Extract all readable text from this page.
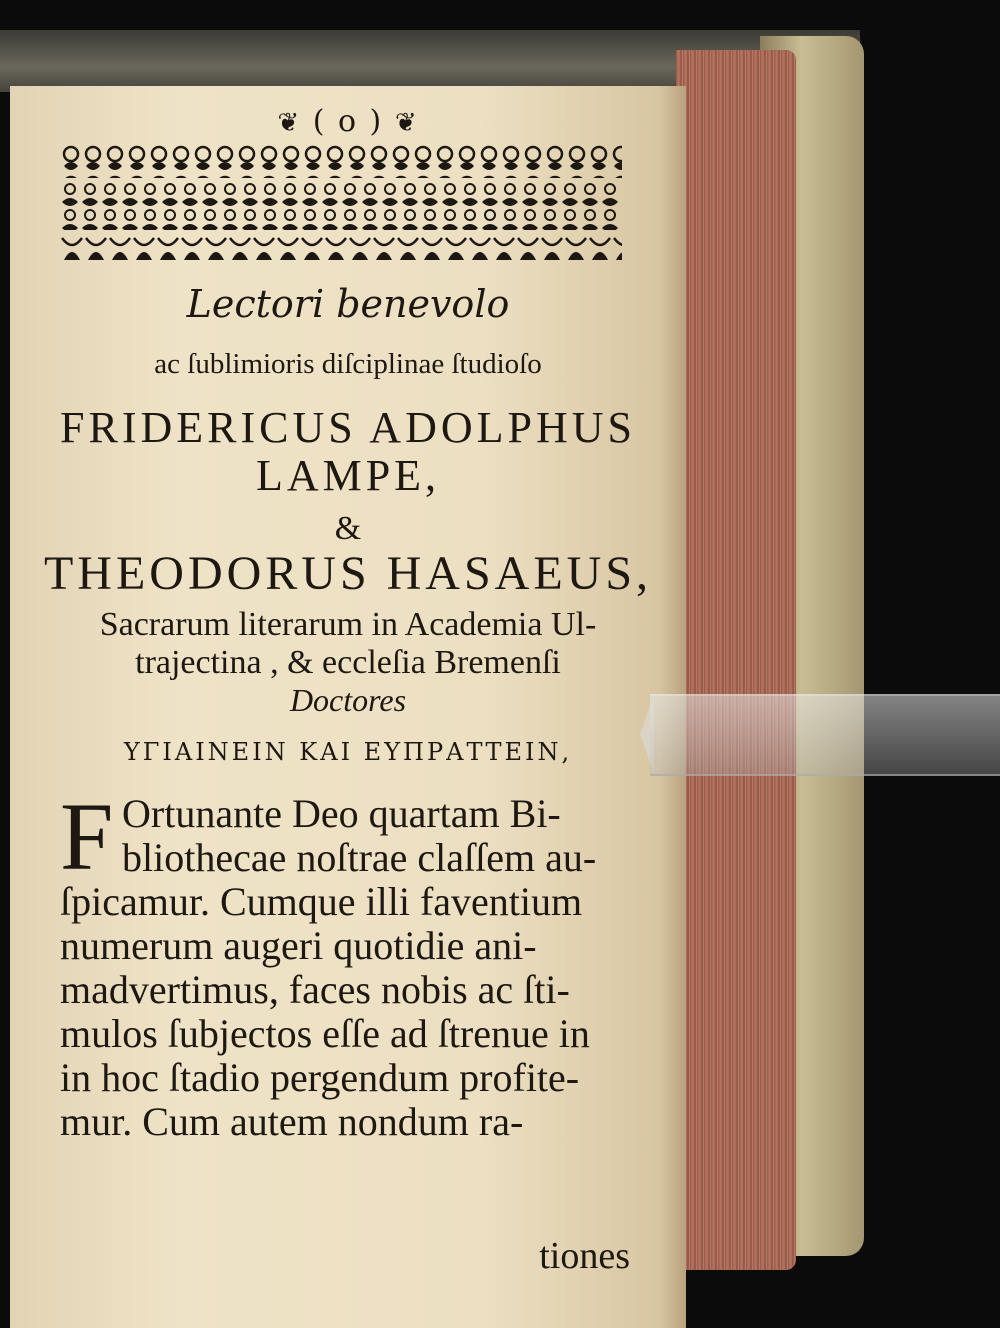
❦ ( o ) ❦
Lectori benevolo
ac ſublimioris diſciplinae ſtudioſo
FRIDERICUS ADOLPHUS
LAMPE,
&
THEODORUS HASAEUS,
Sacrarum literarum in Academia Ul-
trajectina , & eccleſia Bremenſi
Doctores
ΥΓΙΑΙΝΕΙΝ ΚΑΙ ΕΥΠΡΑΤΤΕΙΝ,
F Ortunante Deo quartam Bi-
bliothecae noſtrae claſſem au-
ſpicamur. Cumque illi faventium
numerum augeri quotidie ani-
madvertimus, faces nobis ac ſti-
mulos ſubjectos eſſe ad ſtrenue in
in hoc ſtadio pergendum profite-
mur. Cum autem nondum ra-
tiones
